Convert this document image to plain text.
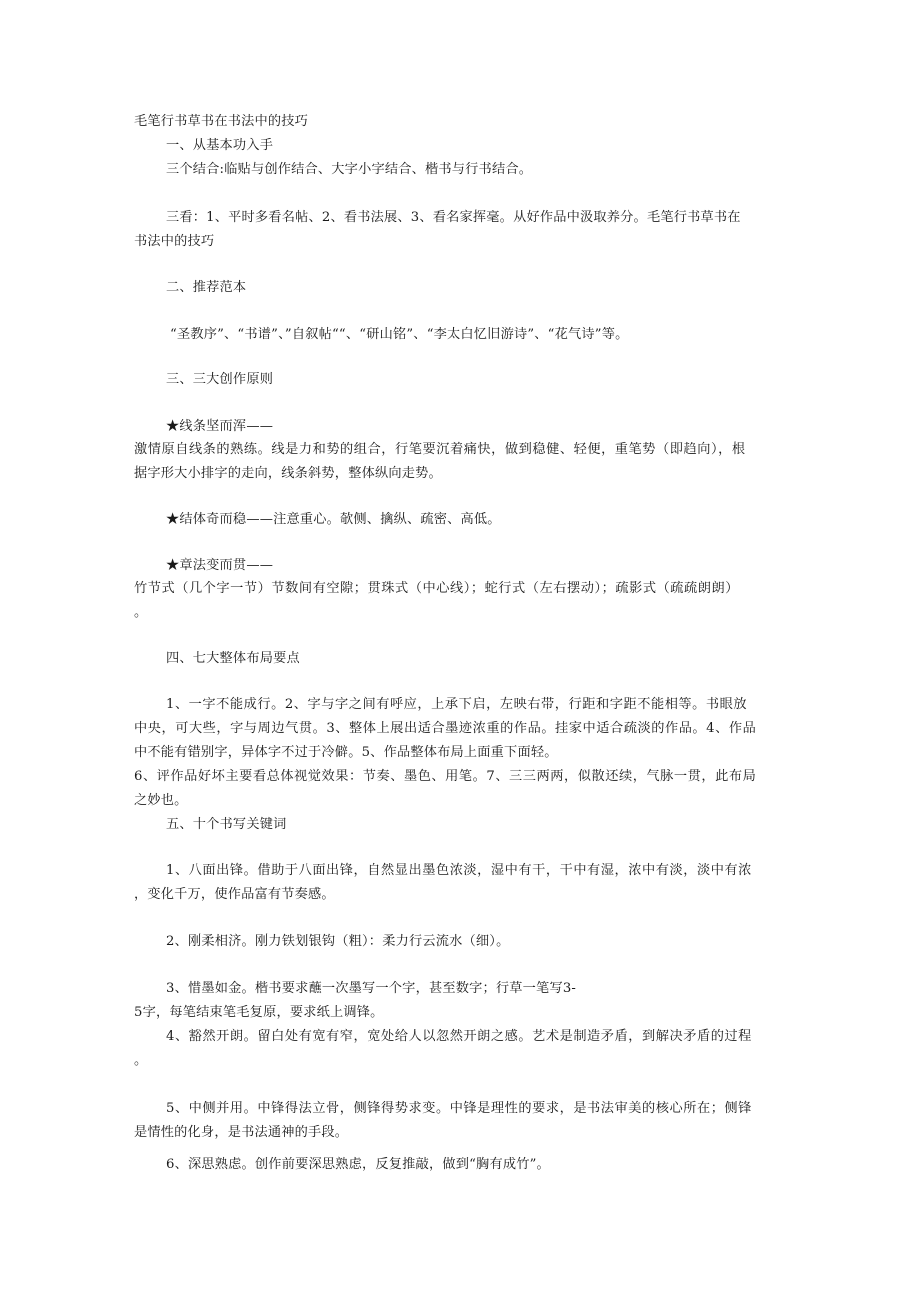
毛笔行书草书在书法中的技巧
一、从基本功入手
三个结合:临贴与创作结合、大字小字结合、楷书与行书结合。
三看：1、平时多看名帖、2、看书法展、3、看名家挥毫。从好作品中汲取养分。毛笔行书草书在
书法中的技巧
二、推荐范本
“圣教序”、“书谱”、”自叙帖““、“研山铭”、“李太白忆旧游诗”、“花气诗”等。
三、三大创作原则
★线条坚而浑——
激情原自线条的熟练。线是力和势的组合，行笔要沉着痛快，做到稳健、轻便，重笔势（即趋向），根
据字形大小排字的走向，线条斜势，整体纵向走势。
★结体奇而稳——注意重心。欹侧、擒纵、疏密、高低。
★章法变而贯——
竹节式（几个字一节）节数间有空隙；贯珠式（中心线）；蛇行式（左右摆动）；疏影式（疏疏朗朗）
。
四、七大整体布局要点
1、一字不能成行。2、字与字之间有呼应，上承下启，左映右带，行距和字距不能相等。书眼放
中央，可大些，字与周边气贯。3、整体上展出适合墨迹浓重的作品。挂家中适合疏淡的作品。4、作品
中不能有错别字，异体字不过于冷僻。5、作品整体布局上面重下面轻。
6、评作品好坏主要看总体视觉效果：节奏、墨色、用笔。7、三三两两，似散还续，气脉一贯，此布局
之妙也。
五、十个书写关键词
1、八面出锋。借助于八面出锋，自然显出墨色浓淡，湿中有干，干中有湿，浓中有淡，淡中有浓
，变化千万，使作品富有节奏感。
2、刚柔相济。刚力铁划银钩（粗）：柔力行云流水（细）。
3、惜墨如金。楷书要求蘸一次墨写一个字，甚至数字；行草一笔写3-
5字，每笔结束笔毛复原，要求纸上调锋。
4、豁然开朗。留白处有宽有窄，宽处给人以忽然开朗之感。艺术是制造矛盾，到解决矛盾的过程
。
5、中侧并用。中锋得法立骨，侧锋得势求变。中锋是理性的要求，是书法审美的核心所在；侧锋
是情性的化身，是书法通神的手段。
6、深思熟虑。创作前要深思熟虑，反复推敲，做到“胸有成竹”。
